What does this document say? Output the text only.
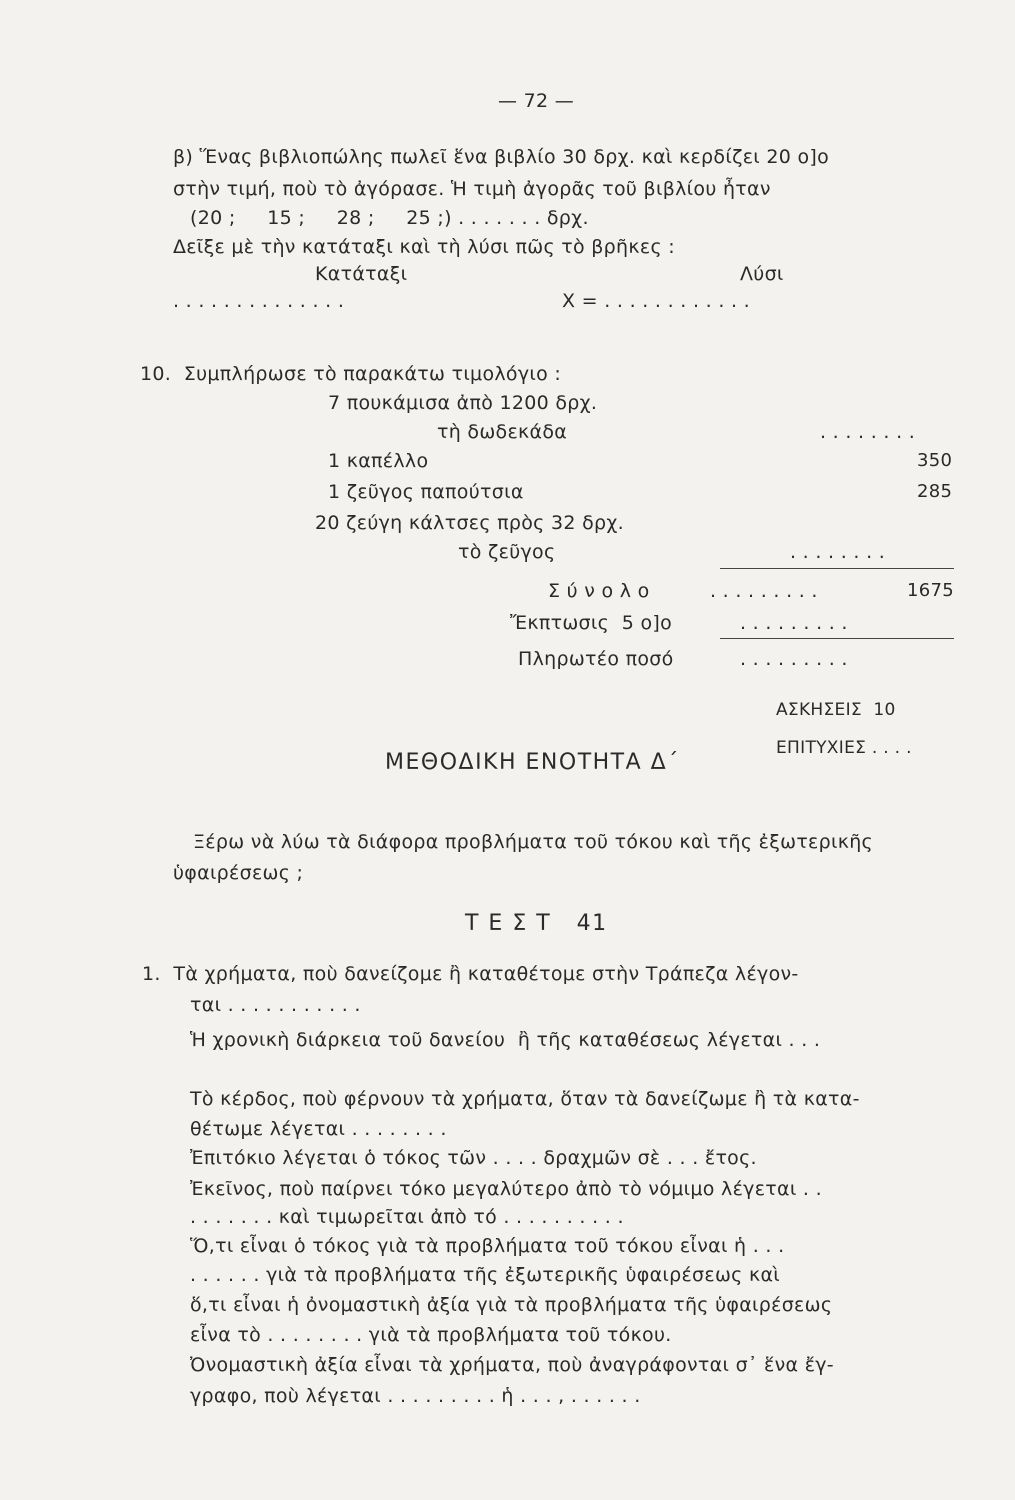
— 72 —
β) Ἕνας βιβλιοπώλης πωλεῖ ἕνα βιβλίο 30 δρχ. καὶ κερδίζει 20 ο]ο
στὴν τιμή, ποὺ τὸ ἀγόρασε. Ἡ τιμὴ ἀγορᾶς τοῦ βιβλίου ἦταν
(20 ;     15 ;     28 ;     25 ;) . . . . . . . δρχ.
Δεῖξε μὲ τὴν κατάταξι καὶ τὴ λύσι πῶς τὸ βρῆκες :
Κατάταξι	Λύσι
. . . . . . . . . . . . . .	Χ = . . . . . . . . . . . .
10.  Συμπλήρωσε τὸ παρακάτω τιμολόγιο :
7 πουκάμισα ἀπὸ 1200 δρχ.
τὴ δωδεκάδα	. . . . . . . .
1 καπέλλο	350
1 ζεῦγος παπούτσια	285
20 ζεύγη κάλτσες πρὸς 32 δρχ.
τὸ ζεῦγος	. . . . . . . .
Σ ύ ν ο λ ο	. . . . . . . . .	1675
Ἔκπτωσις  5 ο]ο	. . . . . . . . .
Πληρωτέο ποσό	. . . . . . . . .
ΑΣΚΗΣΕΙΣ  10
ΕΠΙΤΥΧΙΕΣ . . . .
ΜΕΘΟΔΙΚΗ ΕΝΟΤΗΤΑ Δ΄
Ξέρω νὰ λύω τὰ διάφορα προβλήματα τοῦ τόκου καὶ τῆς ἐξωτερικῆς
ὑφαιρέσεως ;
Τ Ε Σ Τ   41
1.  Τὰ χρήματα, ποὺ δανείζομε ἢ καταθέτομε στὴν Τράπεζα λέγον-
ται . . . . . . . . . . .
Ἡ χρονικὴ διάρκεια τοῦ δανείου  ἢ τῆς καταθέσεως λέγεται . . .
Τὸ κέρδος, ποὺ φέρνουν τὰ χρήματα, ὅταν τὰ δανείζωμε ἢ τὰ κατα-
θέτωμε λέγεται . . . . . . . .
Ἐπιτόκιο λέγεται ὁ τόκος τῶν . . . . δραχμῶν σὲ . . . ἔτος.
Ἐκεῖνος, ποὺ παίρνει τόκο μεγαλύτερο ἀπὸ τὸ νόμιμο λέγεται . .
. . . . . . . καὶ τιμωρεῖται ἀπὸ τό . . . . . . . . . .
Ὅ,τι εἶναι ὁ τόκος γιὰ τὰ προβλήματα τοῦ τόκου εἶναι ἡ . . .
. . . . . . γιὰ τὰ προβλήματα τῆς ἐξωτερικῆς ὑφαιρέσεως καὶ
ὅ,τι εἶναι ἡ ὀνομαστικὴ ἀξία γιὰ τὰ προβλήματα τῆς ὑφαιρέσεως
εἶνα τὸ . . . . . . . . γιὰ τὰ προβλήματα τοῦ τόκου.
Ὀνομαστικὴ ἀξία εἶναι τὰ χρήματα, ποὺ ἀναγράφονται σ᾽ ἕνα ἔγ-
γραφο, ποὺ λέγεται . . . . . . . . . ἡ . . . , . . . . . .
